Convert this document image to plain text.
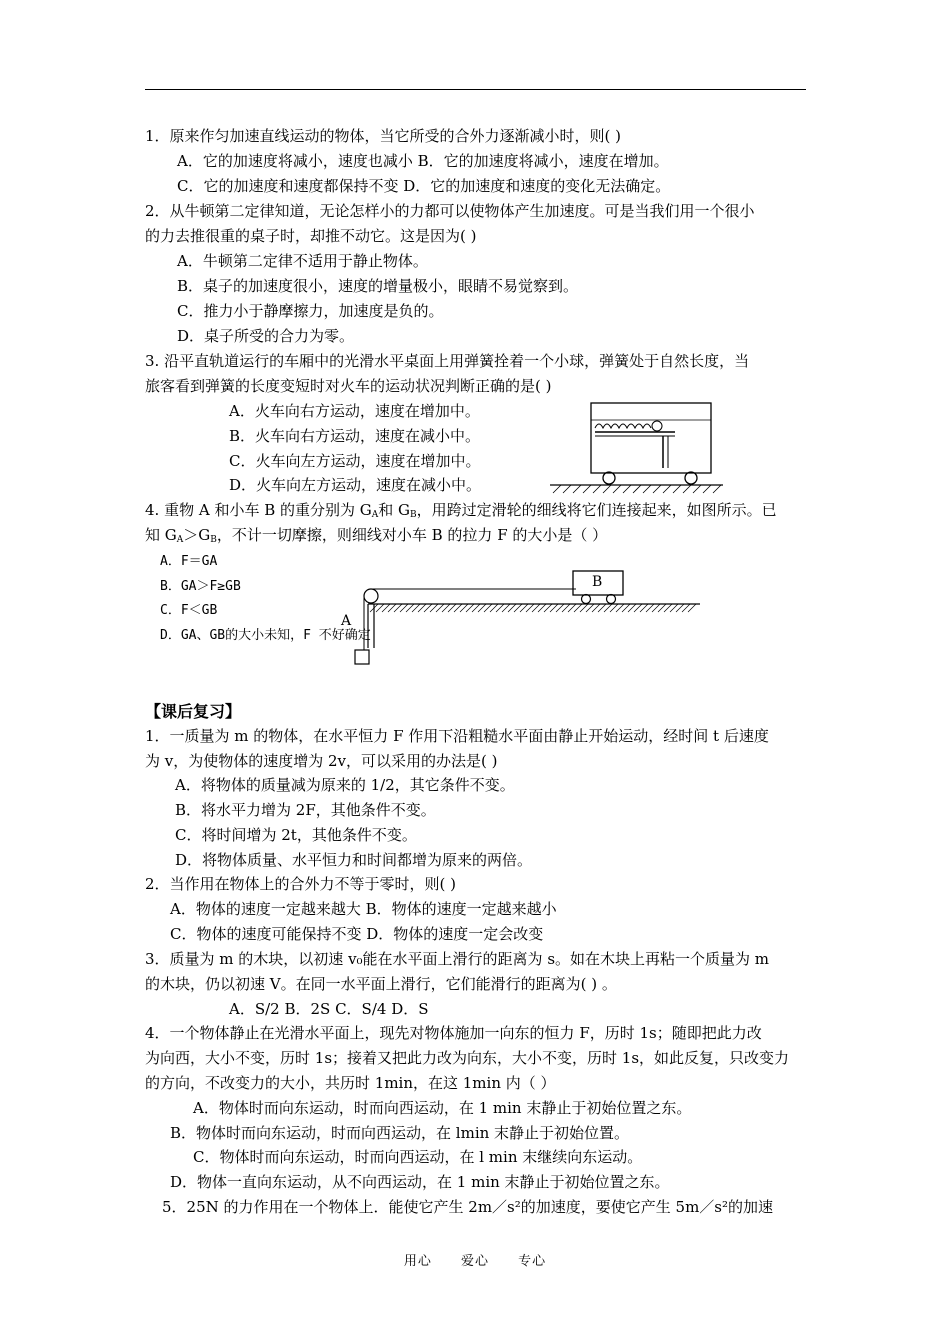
1．原来作匀加速直线运动的物体，当它所受的合外力逐渐减小时，则( )
A．它的加速度将减小，速度也减小 B．它的加速度将减小，速度在增加。
C．它的加速度和速度都保持不变 D．它的加速度和速度的变化无法确定。
2．从牛顿第二定律知道，无论怎样小的力都可以使物体产生加速度。可是当我们用一个很小
的力去推很重的桌子时，却推不动它。这是因为( )
A．牛顿第二定律不适用于静止物体。
B．桌子的加速度很小，速度的增量极小，眼睛不易觉察到。
C．推力小于静摩擦力，加速度是负的。
D．桌子所受的合力为零。
3. 沿平直轨道运行的车厢中的光滑水平桌面上用弹簧拴着一个小球，弹簧处于自然长度，当
旅客看到弹簧的长度变短时对火车的运动状况判断正确的是( )
A．火车向右方运动，速度在增加中。
B．火车向右方运动，速度在减小中。
C．火车向左方运动，速度在增加中。
D．火车向左方运动，速度在减小中。
4. 重物 A 和小车 B 的重分别为 $G_A$和 $G_B$，用跨过定滑轮的细线将它们连接起来，如图所示。已
知 $G_A>G_B$，不计一切摩擦，则细线对小车 B 的拉力 F 的大小是（ ）
A．F＝GA
B．GA＞F≥GB
C．F＜GB
D．GA、GB的大小未知，F 不好确定
A
B
【课后复习】
1．一质量为 m 的物体，在水平恒力 F 作用下沿粗糙水平面由静止开始运动，经时间 t 后速度
为 v，为使物体的速度增为 2v，可以采用的办法是( )
A．将物体的质量减为原来的 1/2，其它条件不变。
B．将水平力增为 2F，其他条件不变。
C．将时间增为 2t，其他条件不变。
D．将物体质量、水平恒力和时间都增为原来的两倍。
2．当作用在物体上的合外力不等于零时，则( )
A．物体的速度一定越来越大 B．物体的速度一定越来越小
C．物体的速度可能保持不变 D．物体的速度一定会改变
3．质量为 m 的木块，以初速 v₀能在水平面上滑行的距离为 s。如在木块上再粘一个质量为 m
的木块，仍以初速 V。在同一水平面上滑行，它们能滑行的距离为( ) 。
A．S/2 B．2S C．S/4 D．S
4．一个物体静止在光滑水平面上，现先对物体施加一向东的恒力 F，历时 1s；随即把此力改
为向西，大小不变，历时 1s；接着又把此力改为向东，大小不变，历时 1s，如此反复，只改变力
的方向，不改变力的大小，共历时 1min，在这 1min 内（ ）
A．物体时而向东运动，时而向西运动，在 1 min 末静止于初始位置之东。
B．物体时而向东运动，时而向西运动，在 lmin 末静止于初始位置。
C．物体时而向东运动，时而向西运动，在 l min 末继续向东运动。
D．物体一直向东运动，从不向西运动，在 1 min 末静止于初始位置之东。
5．25N 的力作用在一个物体上．能使它产生 2m／s²的加速度，要使它产生 5m／s²的加速
用心 爱心 专心
